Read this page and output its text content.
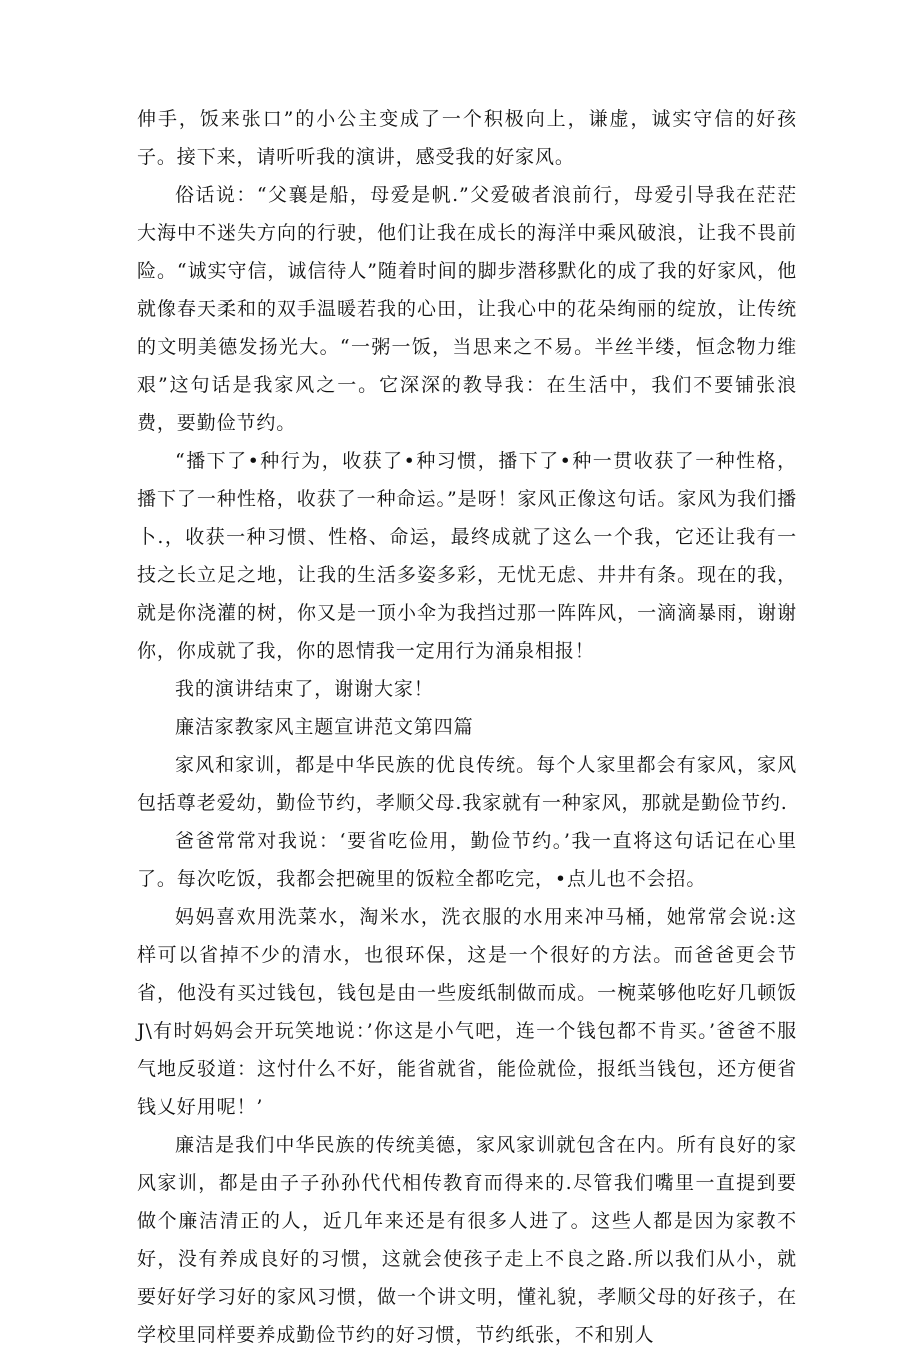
伸手，饭来张口”的小公主变成了一个积极向上，谦虚，诚实守信的好孩子。接下来，请听听我的演讲，感受我的好家风。

俗话说：“父襄是船，母爱是帆.”父爱破者浪前行，母爱引导我在茫茫大海中不迷失方向的行驶，他们让我在成长的海洋中乘风破浪，让我不畏前险。“诚实守信，诚信待人”随着时间的脚步潜移默化的成了我的好家风，他就像春天柔和的双手温暖若我的心田，让我心中的花朵绚丽的绽放，让传统的文明美德发扬光大。“一粥一饭，当思来之不易。半丝半缕，恒念物力维艰”这句话是我家风之一。它深深的教导我：在生活中，我们不要铺张浪费，要勤俭节约。

“播下了•种行为，收获了•种习惯，播下了•种一贯收获了一种性格，播下了一种性格，收获了一种命运。”是呀！家风正像这句话。家风为我们播卜.，收获一种习惯、性格、命运，最终成就了这么一个我，它还让我有一技之长立足之地，让我的生活多姿多彩，无忧无虑、井井有条。现在的我，就是你浇灌的树，你又是一顶小伞为我挡过那一阵阵风，一滴滴暴雨，谢谢你，你成就了我，你的恩情我一定用行为涌泉相报！

我的演讲结束了，谢谢大家！

廉洁家教家风主题宣讲范文第四篇

家风和家训，都是中华民族的优良传统。每个人家里都会有家风，家风包括尊老爱幼，勤俭节约，孝顺父母.我家就有一种家风，那就是勤俭节约.

爸爸常常对我说：‘要省吃俭用，勤俭节约。’我一直将这句话记在心里了。每次吃饭，我都会把碗里的饭粒全都吃完，•点儿也不会招。

妈妈喜欢用洗菜水，淘米水，洗衣服的水用来冲马桶，她常常会说:这样可以省掉不少的清水，也很环保，这是一个很好的方法。而爸爸更会节省，他没有买过钱包，钱包是由一些废纸制做而成。一椀菜够他吃好几顿饭J\有时妈妈会开玩笑地说：’你这是小气吧，连一个钱包都不肯买。’爸爸不服气地反驳道：这忖什么不好，能省就省，能俭就俭，报纸当钱包，还方便省钱乂好用呢！’

廉洁是我们中华民族的传统美德，家风家训就包含在内。所有良好的家风家训，都是由子子孙孙代代相传教育而得来的.尽管我们嘴里一直提到要做个廉洁清正的人，近几年来还是有很多人进了。这些人都是因为家教不好，没有养成良好的习惯，这就会使孩子走上不良之路.所以我们从小，就要好好学习好的家风习惯，做一个讲文明，懂礼貌，孝顺父母的好孩子，在学校里同样要养成勤俭节约的好习惯，节约纸张，不和别人
